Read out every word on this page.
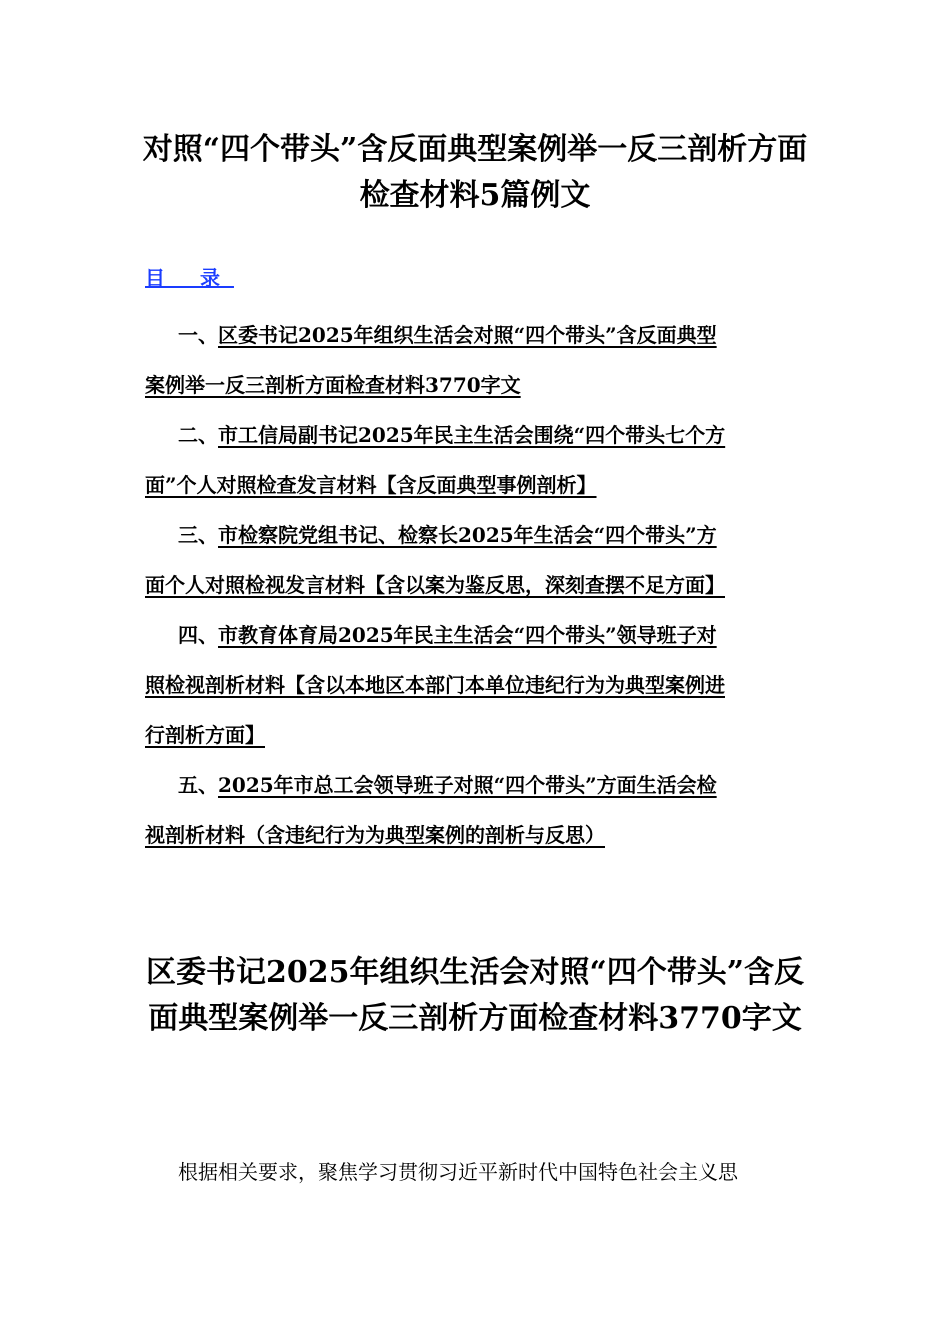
对照“四个带头”含反面典型案例举一反三剖析方面
检查材料5篇例文
目 录
一、区委书记2025年组织生活会对照“四个带头”含反面典型
案例举一反三剖析方面检查材料3770字文
二、市工信局副书记2025年民主生活会围绕“四个带头七个方
面”个人对照检查发言材料【含反面典型事例剖析】
三、市检察院党组书记、检察长2025年生活会“四个带头”方
面个人对照检视发言材料【含以案为鉴反思，深刻查摆不足方面】
四、市教育体育局2025年民主生活会“四个带头”领导班子对
照检视剖析材料【含以本地区本部门本单位违纪行为为典型案例进
行剖析方面】
五、2025年市总工会领导班子对照“四个带头”方面生活会检
视剖析材料（含违纪行为为典型案例的剖析与反思）
区委书记2025年组织生活会对照“四个带头”含反
面典型案例举一反三剖析方面检查材料3770字文
根据相关要求，聚焦学习贯彻习近平新时代中国特色社会主义思
